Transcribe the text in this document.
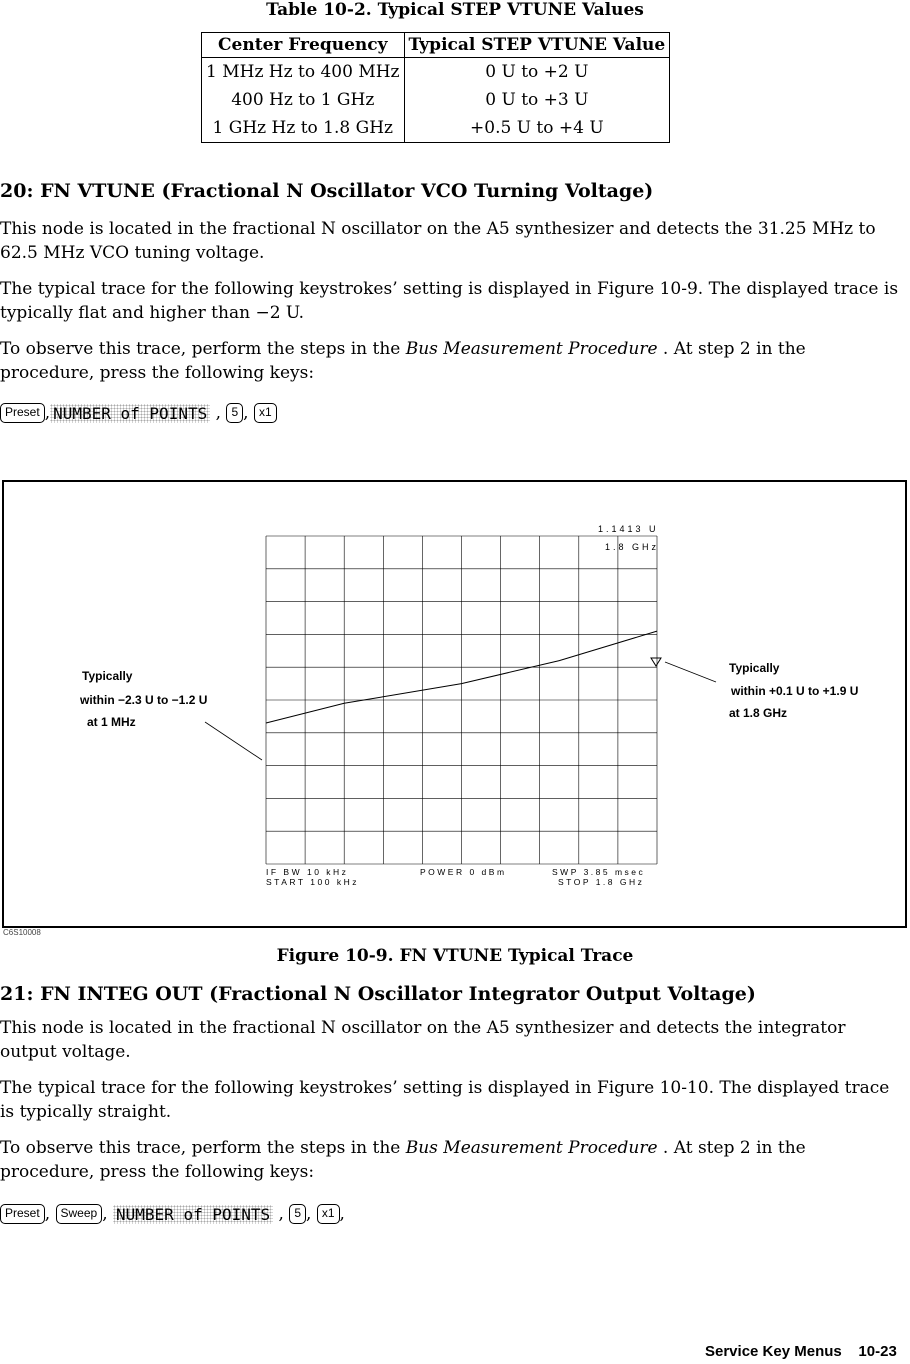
Table 10-2. Typical STEP VTUNE Values
Center Frequency	Typical STEP VTUNE Value
1 MHz Hz to 400 MHz	0 U to +2 U
400 Hz to 1 GHz	0 U to +3 U
1 GHz Hz to 1.8 GHz	+0.5 U to +4 U
20: FN VTUNE (Fractional N Oscillator VCO Turning Voltage)
This node is located in the fractional N oscillator on the A5 synthesizer and detects the 31.25 MHz to 62.5 MHz VCO tuning voltage.
The typical trace for the following keystrokes’ setting is displayed in Figure 10-9. The displayed trace is typically flat and higher than −2 U.
To observe this trace, perform the steps in the Bus Measurement Procedure . At step 2 in the procedure, press the following keys:
Preset , NUMBER of POINTS , 5 , x1
1.1413 U
1.8 GHz
IF BW 10 kHz	POWER 0 dBm	SWP 3.85 msec
START 100 kHz	STOP 1.8 GHz
Typically
within −2.3 U to −1.2 U
at 1 MHz
Typically
within +0.1 U to +1.9 U
at 1.8 GHz
C6S10008
Figure 10-9. FN VTUNE Typical Trace
21: FN INTEG OUT (Fractional N Oscillator Integrator Output Voltage)
This node is located in the fractional N oscillator on the A5 synthesizer and detects the integrator output voltage.
The typical trace for the following keystrokes’ setting is displayed in Figure 10-10. The displayed trace is typically straight.
To observe this trace, perform the steps in the Bus Measurement Procedure . At step 2 in the procedure, press the following keys:
Preset , Sweep , NUMBER of POINTS , 5 , x1 ,
Service Key Menus 10-23
